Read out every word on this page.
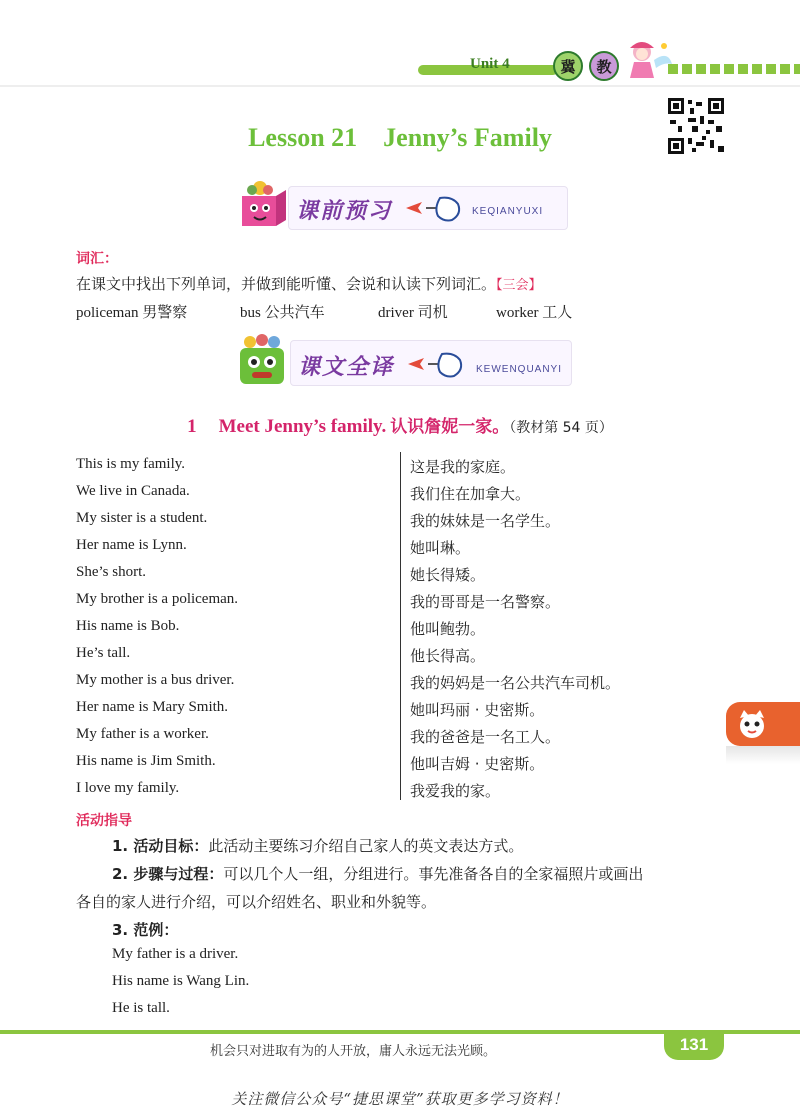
Unit 4	冀	教
Lesson 21　Jenny’s Family
课前预习	KEQIANYUXI
词汇：
在课文中找出下列单词，并做到能听懂、会说和认读下列词汇。【三会】
policeman 男警察	bus 公共汽车	driver 司机	worker 工人
课文全译	KEWENQUANYI
1 Meet Jenny’s family. 认识詹妮一家。（教材第 54 页）
This is my family.	这是我的家庭。
We live in Canada.	我们住在加拿大。
My sister is a student.	我的妹妹是一名学生。
Her name is Lynn.	她叫琳。
She’s short.	她长得矮。
My brother is a policeman.	我的哥哥是一名警察。
His name is Bob.	他叫鲍勃。
He’s tall.	他长得高。
My mother is a bus driver.	我的妈妈是一名公共汽车司机。
Her name is Mary Smith.	她叫玛丽 · 史密斯。
My father is a worker.	我的爸爸是一名工人。
His name is Jim Smith.	他叫吉姆 · 史密斯。
I love my family.	我爱我的家。
活动指导
1. 活动目标：此活动主要练习介绍自己家人的英文表达方式。
2. 步骤与过程：可以几个人一组，分组进行。事先准备各自的全家福照片或画出
各自的家人进行介绍，可以介绍姓名、职业和外貌等。
3. 范例：
My father is a driver.
His name is Wang Lin.
He is tall.
机会只对进取有为的人开放，庸人永远无法光顾。	131
关注微信公众号“捷思课堂”获取更多学习资料！
